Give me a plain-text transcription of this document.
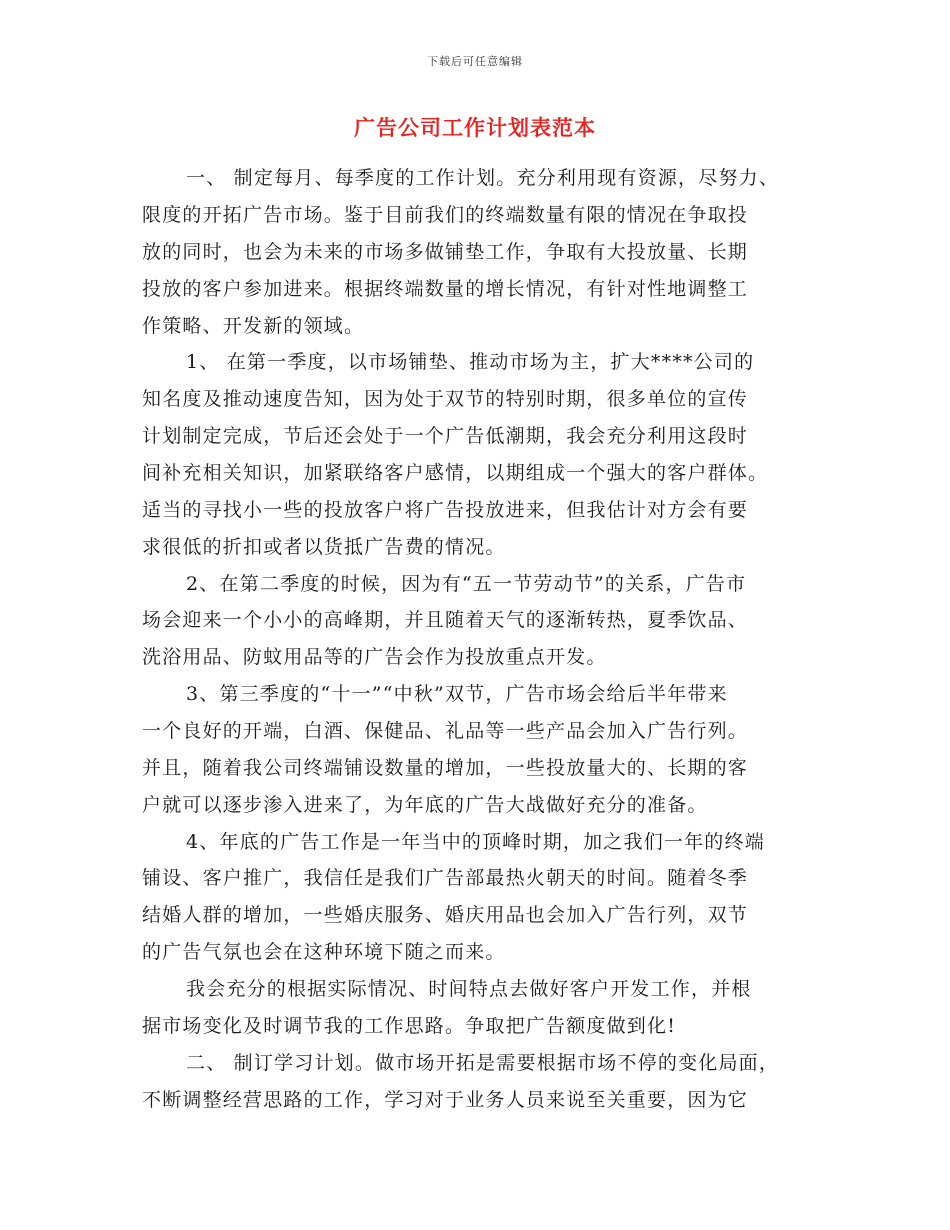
下载后可任意编辑
广告公司工作计划表范本
一、 制定每月、每季度的工作计划。充分利用现有资源，尽努力、
限度的开拓广告市场。鉴于目前我们的终端数量有限的情况在争取投
放的同时，也会为未来的市场多做铺垫工作，争取有大投放量、长期
投放的客户参加进来。根据终端数量的增长情况，有针对性地调整工
作策略、开发新的领域。
1、 在第一季度，以市场铺垫、推动市场为主，扩大****公司的
知名度及推动速度告知，因为处于双节的特别时期，很多单位的宣传
计划制定完成，节后还会处于一个广告低潮期，我会充分利用这段时
间补充相关知识，加紧联络客户感情，以期组成一个强大的客户群体。
适当的寻找小一些的投放客户将广告投放进来，但我估计对方会有要
求很低的折扣或者以货抵广告费的情况。
2、在第二季度的时候，因为有“五一节劳动节”的关系，广告市
场会迎来一个小小的高峰期，并且随着天气的逐渐转热，夏季饮品、
洗浴用品、防蚊用品等的广告会作为投放重点开发。
3、第三季度的“十一”“中秋”双节，广告市场会给后半年带来
一个良好的开端，白酒、保健品、礼品等一些产品会加入广告行列。
并且，随着我公司终端铺设数量的增加，一些投放量大的、长期的客
户就可以逐步渗入进来了，为年底的广告大战做好充分的准备。
4、年底的广告工作是一年当中的顶峰时期，加之我们一年的终端
铺设、客户推广，我信任是我们广告部最热火朝天的时间。随着冬季
结婚人群的增加，一些婚庆服务、婚庆用品也会加入广告行列，双节
的广告气氛也会在这种环境下随之而来。
我会充分的根据实际情况、时间特点去做好客户开发工作，并根
据市场变化及时调节我的工作思路。争取把广告额度做到化!
二、 制订学习计划。做市场开拓是需要根据市场不停的变化局面，
不断调整经营思路的工作，学习对于业务人员来说至关重要，因为它
